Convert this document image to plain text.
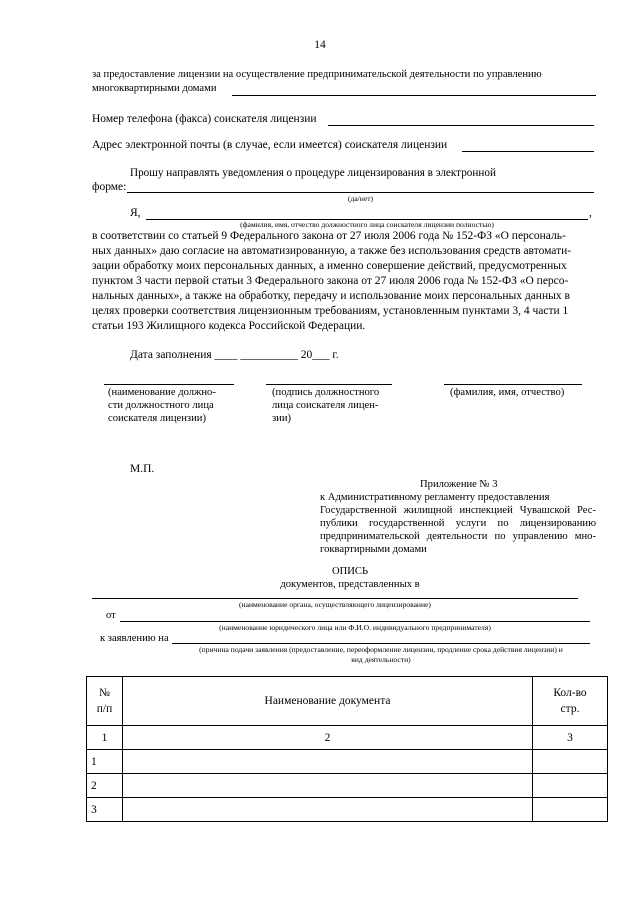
14
за предоставление лицензии на осуществление предпринимательской деятельности по управлению
многоквартирными домами
Номер телефона (факса) соискателя лицензии
Адрес электронной почты (в случае, если имеется) соискателя лицензии
Прошу направлять уведомления о процедуре лицензирования в электронной
форме:
(да/нет)
Я,	,
(фамилия, имя, отчество должностного лица соискателя лицензии полностью)
в соответствии со статьей 9 Федерального закона от 27 июля 2006 года № 152-ФЗ «О персональ-
ных данных» даю согласие на автоматизированную, а также без использования средств автомати-
зации обработку моих персональных данных, а именно совершение действий, предусмотренных
пунктом 3 части первой статьи 3 Федерального закона от 27 июля 2006 года № 152-ФЗ «О персо-
нальных данных», а также на обработку, передачу и использование моих персональных данных в
целях проверки соответствия лицензионным требованиям, установленным пунктами 3, 4 части 1
статьи 193 Жилищного кодекса Российской Федерации.
Дата заполнения ____ __________ 20___ г.
(наименование должно-
сти должностного лица
соискателя лицензии)
(подпись должностного
лица соискателя лицен-
зии)
(фамилия, имя, отчество)
М.П.
Приложение № 3
к Административному регламенту предоставления
Государственной жилищной инспекцией Чувашской Рес-
публики государственной услуги по лицензированию
предпринимательской деятельности по управлению мно-
гоквартирными домами
ОПИСЬ
документов, представленных в
(наименование органа, осуществляющего лицензирование)
от
(наименование юридического лица или Ф.И.О. индивидуального предпринимателя)
к заявлению на
(причина подачи заявления (предоставление, переоформление лицензии, продление срока действия лицензии) и
вид деятельности)
№
п/п	Наименование документа	Кол-во
стр.
1	2	3
1		
2		
3		
